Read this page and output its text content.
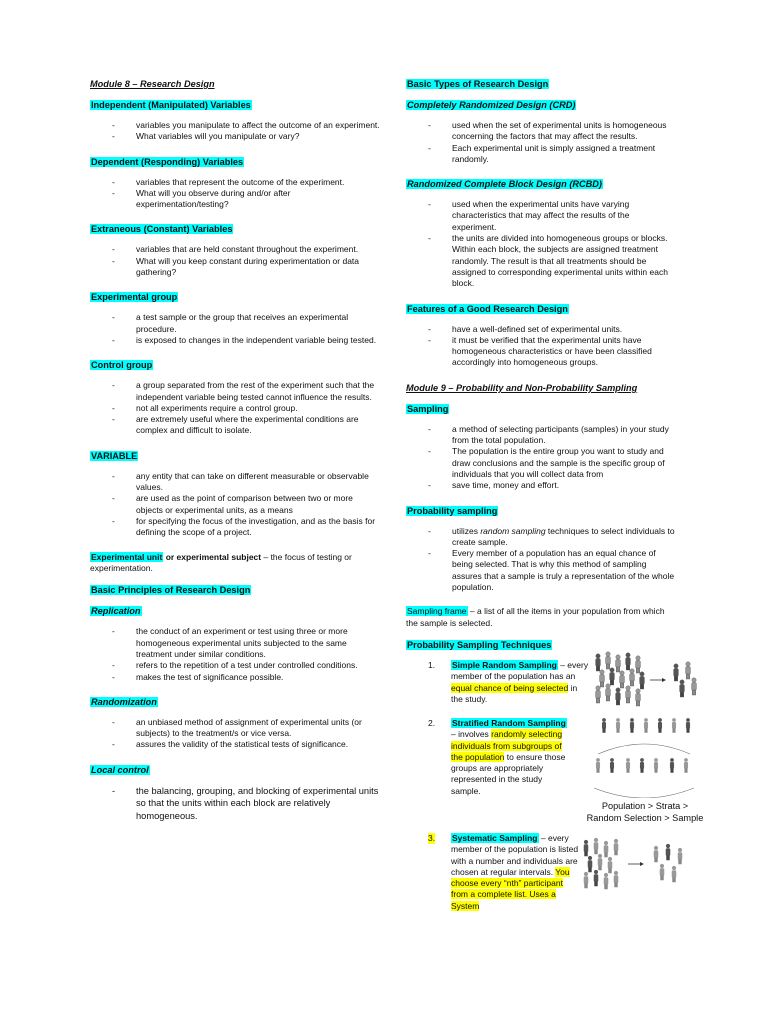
Module 8 – Research Design
Independent (Manipulated) Variables
- variables you manipulate to affect the outcome of an experiment.
- What variables will you manipulate or vary?
Dependent (Responding) Variables
- variables that represent the outcome of the experiment.
- What will you observe during and/or after experimentation/testing?
Extraneous (Constant) Variables
- variables that are held constant throughout the experiment.
- What will you keep constant during experimentation or data gathering?
Experimental group
- a test sample or the group that receives an experimental procedure.
- is exposed to changes in the independent variable being tested.
Control group
- a group separated from the rest of the experiment such that the independent variable being tested cannot influence the results.
- not all experiments require a control group.
- are extremely useful where the experimental conditions are complex and difficult to isolate.
VARIABLE
- any entity that can take on different measurable or observable values.
- are used as the point of comparison between two or more objects or experimental units, as a means
- for specifying the focus of the investigation, and as the basis for defining the scope of a project.
Experimental unit or experimental subject – the focus of testing or experimentation.
Basic Principles of Research Design
Replication
- the conduct of an experiment or test using three or more homogeneous experimental units subjected to the same treatment under similar conditions.
- refers to the repetition of a test under controlled conditions.
- makes the test of significance possible.
Randomization
- an unbiased method of assignment of experimental units (or subjects) to the treatment/s or vice versa.
- assures the validity of the statistical tests of significance.
Local control
- the balancing, grouping, and blocking of experimental units so that the units within each block are relatively homogeneous.
Basic Types of Research Design
Completely Randomized Design (CRD)
- used when the set of experimental units is homogeneous concerning the factors that may affect the results.
- Each experimental unit is simply assigned a treatment randomly.
Randomized Complete Block Design (RCBD)
- used when the experimental units have varying characteristics that may affect the results of the experiment.
- the units are divided into homogeneous groups or blocks. Within each block, the subjects are assigned treatment randomly. The result is that all treatments should be assigned to corresponding experimental units within each block.
Features of a Good Research Design
- have a well-defined set of experimental units.
- it must be verified that the experimental units have homogeneous characteristics or have been classified accordingly into homogeneous groups.
Module 9 – Probability and Non-Probability Sampling
Sampling
- a method of selecting participants (samples) in your study from the total population.
- The population is the entire group you want to study and draw conclusions and the sample is the specific group of individuals that you will collect data from
- save time, money and effort.
Probability sampling
- utilizes random sampling techniques to select individuals to create sample.
- Every member of a population has an equal chance of being selected. That is why this method of sampling assures that a sample is truly a representation of the whole population.
Sampling frame – a list of all the items in your population from which the sample is selected.
Probability Sampling Techniques
1. Simple Random Sampling – every member of the population has an equal chance of being selected in the study.
2. Stratified Random Sampling – involves randomly selecting individuals from subgroups of the population to ensure those groups are appropriately represented in the study sample.
Population > Strata >
Random Selection > Sample
3. Systematic Sampling – every member of the population is listed with a number and individuals are chosen at regular intervals. You choose every “nth” participant from a complete list. Uses a System
